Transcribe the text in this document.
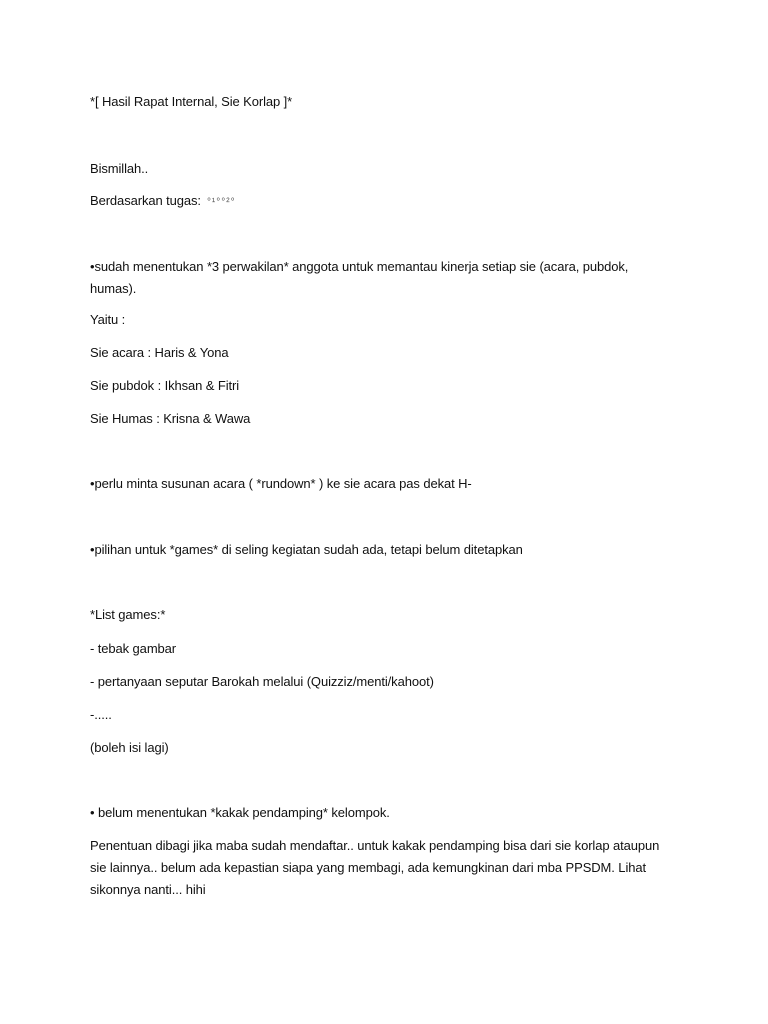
*[ Hasil Rapat Internal, Sie Korlap ]*
Bismillah..
Berdasarkan tugas: °¹°°²°
•sudah menentukan *3 perwakilan* anggota untuk memantau kinerja setiap sie (acara, pubdok, humas).
Yaitu :
Sie acara : Haris & Yona
Sie pubdok : Ikhsan & Fitri
Sie Humas : Krisna & Wawa
•perlu minta susunan acara ( *rundown* ) ke sie acara pas dekat H-
•pilihan untuk *games* di seling kegiatan sudah ada, tetapi belum ditetapkan
*List games:*
- tebak gambar
- pertanyaan seputar Barokah melalui (Quizziz/menti/kahoot)
-.....
(boleh isi lagi)
• belum menentukan *kakak pendamping* kelompok.
Penentuan dibagi jika maba sudah mendaftar.. untuk kakak pendamping bisa dari sie korlap ataupun sie lainnya.. belum ada kepastian siapa yang membagi, ada kemungkinan dari mba PPSDM. Lihat sikonnya nanti... hihi
